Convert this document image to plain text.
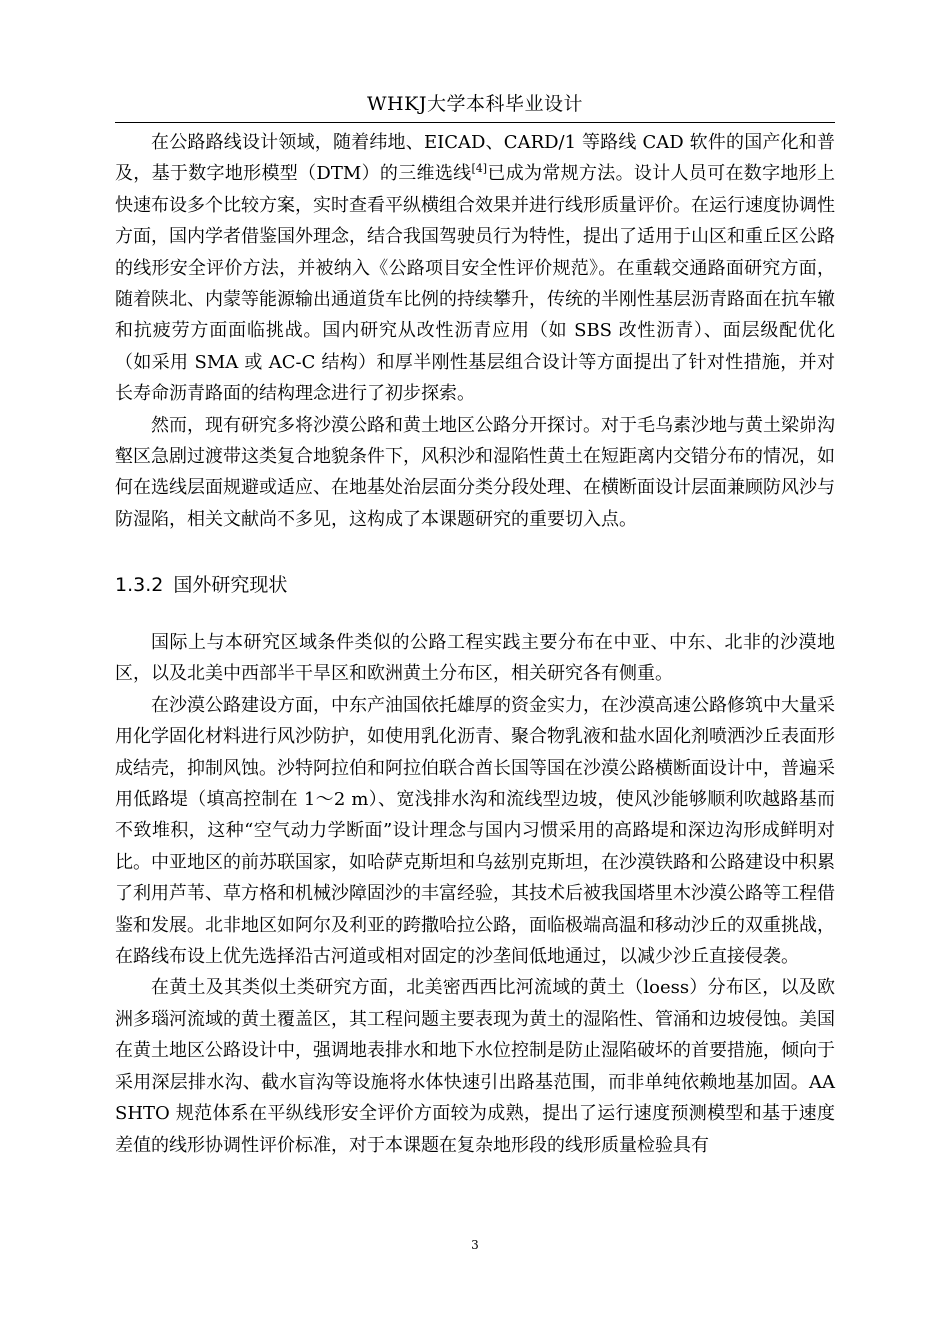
WHKJ大学本科毕业设计

在公路路线设计领域，随着纬地、EICAD、CARD/1 等路线 CAD 软件的国产化和普及，基于数字地形模型（DTM）的三维选线[4]已成为常规方法。设计人员可在数字地形上快速布设多个比较方案，实时查看平纵横组合效果并进行线形质量评价。在运行速度协调性方面，国内学者借鉴国外理念，结合我国驾驶员行为特性，提出了适用于山区和重丘区公路的线形安全评价方法，并被纳入《公路项目安全性评价规范》。在重载交通路面研究方面，随着陕北、内蒙等能源输出通道货车比例的持续攀升，传统的半刚性基层沥青路面在抗车辙和抗疲劳方面面临挑战。国内研究从改性沥青应用（如 SBS 改性沥青）、面层级配优化（如采用 SMA 或 AC-C 结构）和厚半刚性基层组合设计等方面提出了针对性措施，并对长寿命沥青路面的结构理念进行了初步探索。

然而，现有研究多将沙漠公路和黄土地区公路分开探讨。对于毛乌素沙地与黄土梁峁沟壑区急剧过渡带这类复合地貌条件下，风积沙和湿陷性黄土在短距离内交错分布的情况，如何在选线层面规避或适应、在地基处治层面分类分段处理、在横断面设计层面兼顾防风沙与防湿陷，相关文献尚不多见，这构成了本课题研究的重要切入点。

1.3.2 国外研究现状

国际上与本研究区域条件类似的公路工程实践主要分布在中亚、中东、北非的沙漠地区，以及北美中西部半干旱区和欧洲黄土分布区，相关研究各有侧重。

在沙漠公路建设方面，中东产油国依托雄厚的资金实力，在沙漠高速公路修筑中大量采用化学固化材料进行风沙防护，如使用乳化沥青、聚合物乳液和盐水固化剂喷洒沙丘表面形成结壳，抑制风蚀。沙特阿拉伯和阿拉伯联合酋长国等国在沙漠公路横断面设计中，普遍采用低路堤（填高控制在 1～2 m）、宽浅排水沟和流线型边坡，使风沙能够顺利吹越路基而不致堆积，这种“空气动力学断面”设计理念与国内习惯采用的高路堤和深边沟形成鲜明对比。中亚地区的前苏联国家，如哈萨克斯坦和乌兹别克斯坦，在沙漠铁路和公路建设中积累了利用芦苇、草方格和机械沙障固沙的丰富经验，其技术后被我国塔里木沙漠公路等工程借鉴和发展。北非地区如阿尔及利亚的跨撒哈拉公路，面临极端高温和移动沙丘的双重挑战，在路线布设上优先选择沿古河道或相对固定的沙垄间低地通过，以减少沙丘直接侵袭。

在黄土及其类似土类研究方面，北美密西西比河流域的黄土（loess）分布区，以及欧洲多瑙河流域的黄土覆盖区，其工程问题主要表现为黄土的湿陷性、管涌和边坡侵蚀。美国在黄土地区公路设计中，强调地表排水和地下水位控制是防止湿陷破坏的首要措施，倾向于采用深层排水沟、截水盲沟等设施将水体快速引出路基范围，而非单纯依赖地基加固。AASHTO 规范体系在平纵线形安全评价方面较为成熟，提出了运行速度预测模型和基于速度差值的线形协调性评价标准，对于本课题在复杂地形段的线形质量检验具有

3
